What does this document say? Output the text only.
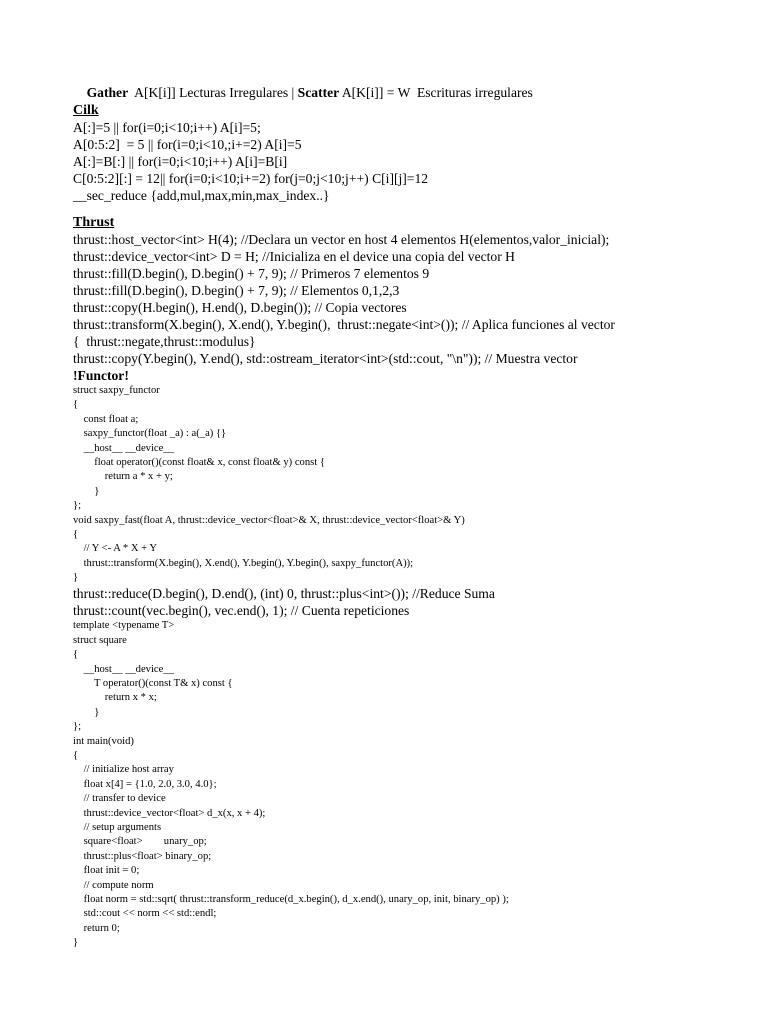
Gather  A[K[i]] Lecturas Irregulares | Scatter A[K[i]] = W  Escrituras irregulares

Cilk
A[:]=5 || for(i=0;i<10;i++) A[i]=5;
A[0:5:2]  = 5 || for(i=0;i<10,;i+=2) A[i]=5
A[:]=B[:] || for(i=0;i<10;i++) A[i]=B[i]
C[0:5:2][:] = 12|| for(i=0;i<10;i+=2) for(j=0;j<10;j++) C[i][j]=12
__sec_reduce {add,mul,max,min,max_index..}
Thrust
thrust::host_vector<int> H(4); //Declara un vector en host 4 elementos H(elementos,valor_inicial);
thrust::device_vector<int> D = H; //Inicializa en el device una copia del vector H
thrust::fill(D.begin(), D.begin() + 7, 9); // Primeros 7 elementos 9
thrust::fill(D.begin(), D.begin() + 7, 9); // Elementos 0,1,2,3
thrust::copy(H.begin(), H.end(), D.begin()); // Copia vectores
thrust::transform(X.begin(), X.end(), Y.begin(),  thrust::negate<int>()); // Aplica funciones al vector
{  thrust::negate,thrust::modulus}
thrust::copy(Y.begin(), Y.end(), std::ostream_iterator<int>(std::cout, "\n")); // Muestra vector
!Functor!
struct saxpy_functor
{
const float a;
saxpy_functor(float _a) : a(_a) {}
__host__ __device__
float operator()(const float& x, const float& y) const {
return a * x + y;
}
};
void saxpy_fast(float A, thrust::device_vector<float>& X, thrust::device_vector<float>& Y)
{
// Y <- A * X + Y
thrust::transform(X.begin(), X.end(), Y.begin(), Y.begin(), saxpy_functor(A));
}
thrust::reduce(D.begin(), D.end(), (int) 0, thrust::plus<int>()); //Reduce Suma
thrust::count(vec.begin(), vec.end(), 1); // Cuenta repeticiones
template <typename T>
struct square
{
__host__ __device__
T operator()(const T& x) const {
return x * x;
}
};
int main(void)
{
// initialize host array
float x[4] = {1.0, 2.0, 3.0, 4.0};
// transfer to device
thrust::device_vector<float> d_x(x, x + 4);
// setup arguments
square<float>        unary_op;
thrust::plus<float> binary_op;
float init = 0;
// compute norm
float norm = std::sqrt( thrust::transform_reduce(d_x.begin(), d_x.end(), unary_op, init, binary_op) );
std::cout << norm << std::endl;
return 0;
}
